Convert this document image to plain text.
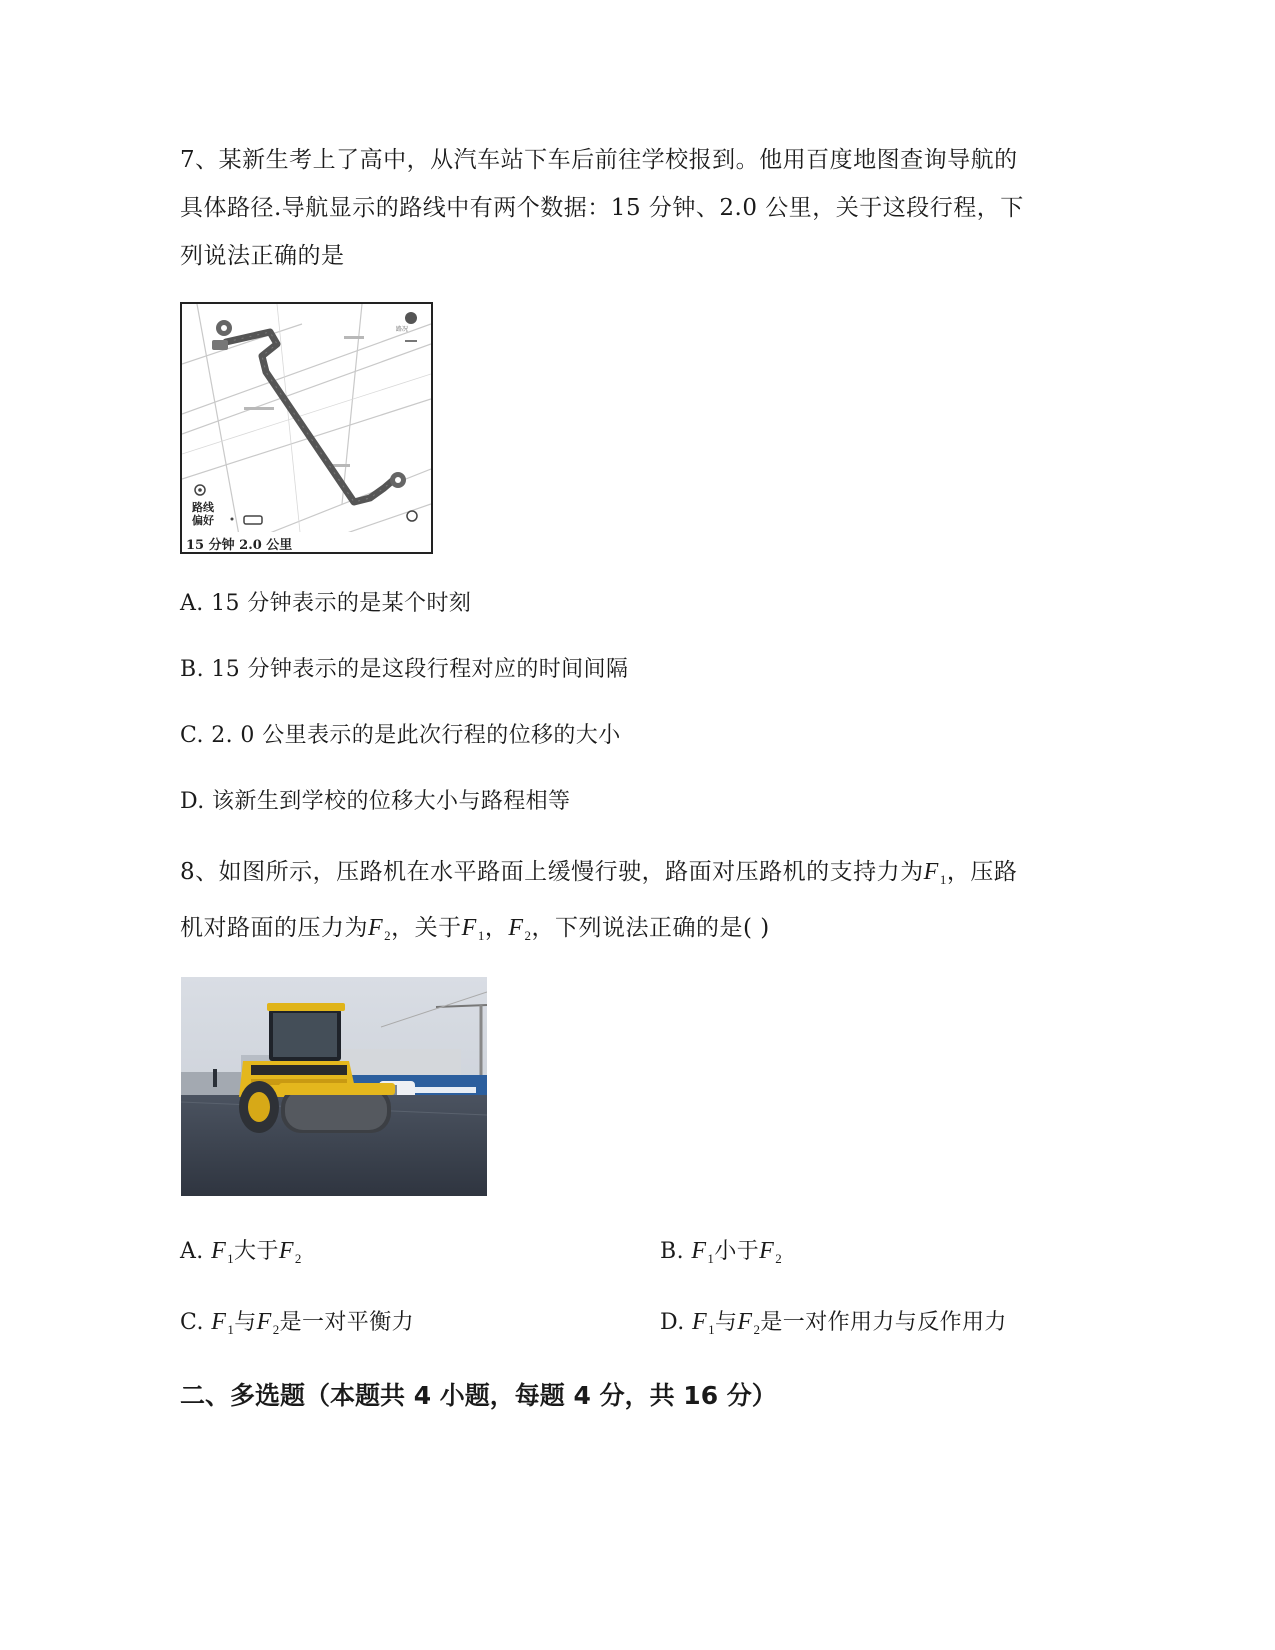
7、某新生考上了高中，从汽车站下车后前往学校报到。他用百度地图查询导航的
具体路径.导航显示的路线中有两个数据：15 分钟、2.0 公里，关于这段行程，下
列说法正确的是
路况
路线
偏好
15 分钟 2.0 公里
A. 15 分钟表示的是某个时刻
B. 15 分钟表示的是这段行程对应的时间间隔
C. 2. 0 公里表示的是此次行程的位移的大小
D. 该新生到学校的位移大小与路程相等
8、如图所示，压路机在水平路面上缓慢行驶，路面对压路机的支持力为$F_1$，压路
机对路面的压力为$F_2$，关于$F_1$，$F_2$，下列说法正确的是( )
A. $F_1$大于$F_2$	B. $F_1$小于$F_2$
C. $F_1$与$F_2$是一对平衡力	D. $F_1$与$F_2$是一对作用力与反作用力
二、多选题（本题共 4 小题，每题 4 分，共 16 分）
